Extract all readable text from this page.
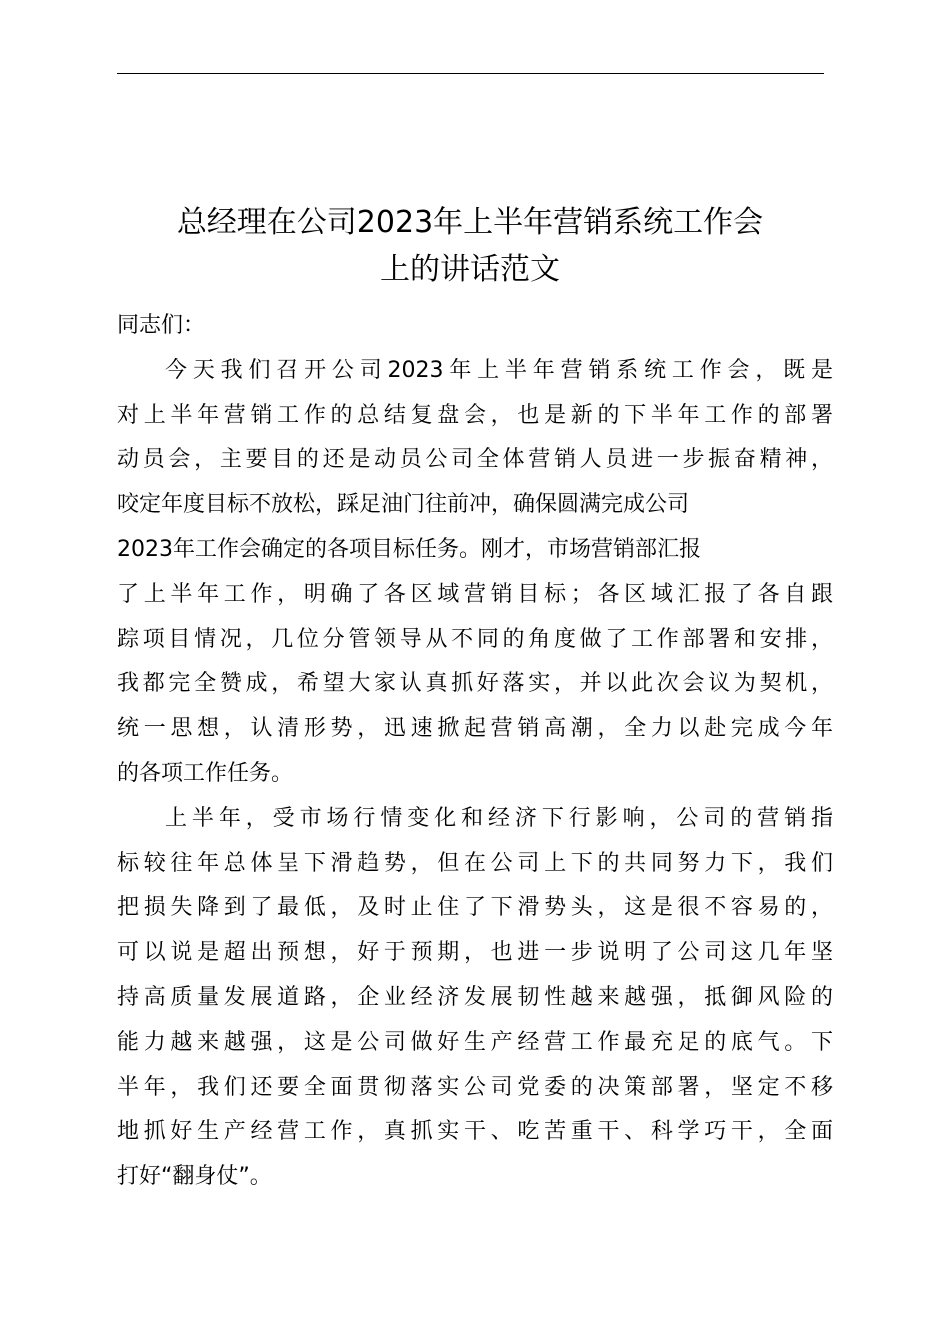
总经理在公司2023年上半年营销系统工作会
上的讲话范文
同志们：
今天我们召开公司2023年上半年营销系统工作会，既是
对上半年营销工作的总结复盘会，也是新的下半年工作的部署
动员会，主要目的还是动员公司全体营销人员进一步振奋精神，
咬定年度目标不放松，踩足油门往前冲，确保圆满完成公司
2023年工作会确定的各项目标任务。刚才，市场营销部汇报
了上半年工作，明确了各区域营销目标；各区域汇报了各自跟
踪项目情况，几位分管领导从不同的角度做了工作部署和安排，
我都完全赞成，希望大家认真抓好落实，并以此次会议为契机，
统一思想，认清形势，迅速掀起营销高潮，全力以赴完成今年
的各项工作任务。
上半年，受市场行情变化和经济下行影响，公司的营销指
标较往年总体呈下滑趋势，但在公司上下的共同努力下，我们
把损失降到了最低，及时止住了下滑势头，这是很不容易的，
可以说是超出预想，好于预期，也进一步说明了公司这几年坚
持高质量发展道路，企业经济发展韧性越来越强，抵御风险的
能力越来越强，这是公司做好生产经营工作最充足的底气。下
半年，我们还要全面贯彻落实公司党委的决策部署，坚定不移
地抓好生产经营工作，真抓实干、吃苦重干、科学巧干，全面
打好“翻身仗”。
